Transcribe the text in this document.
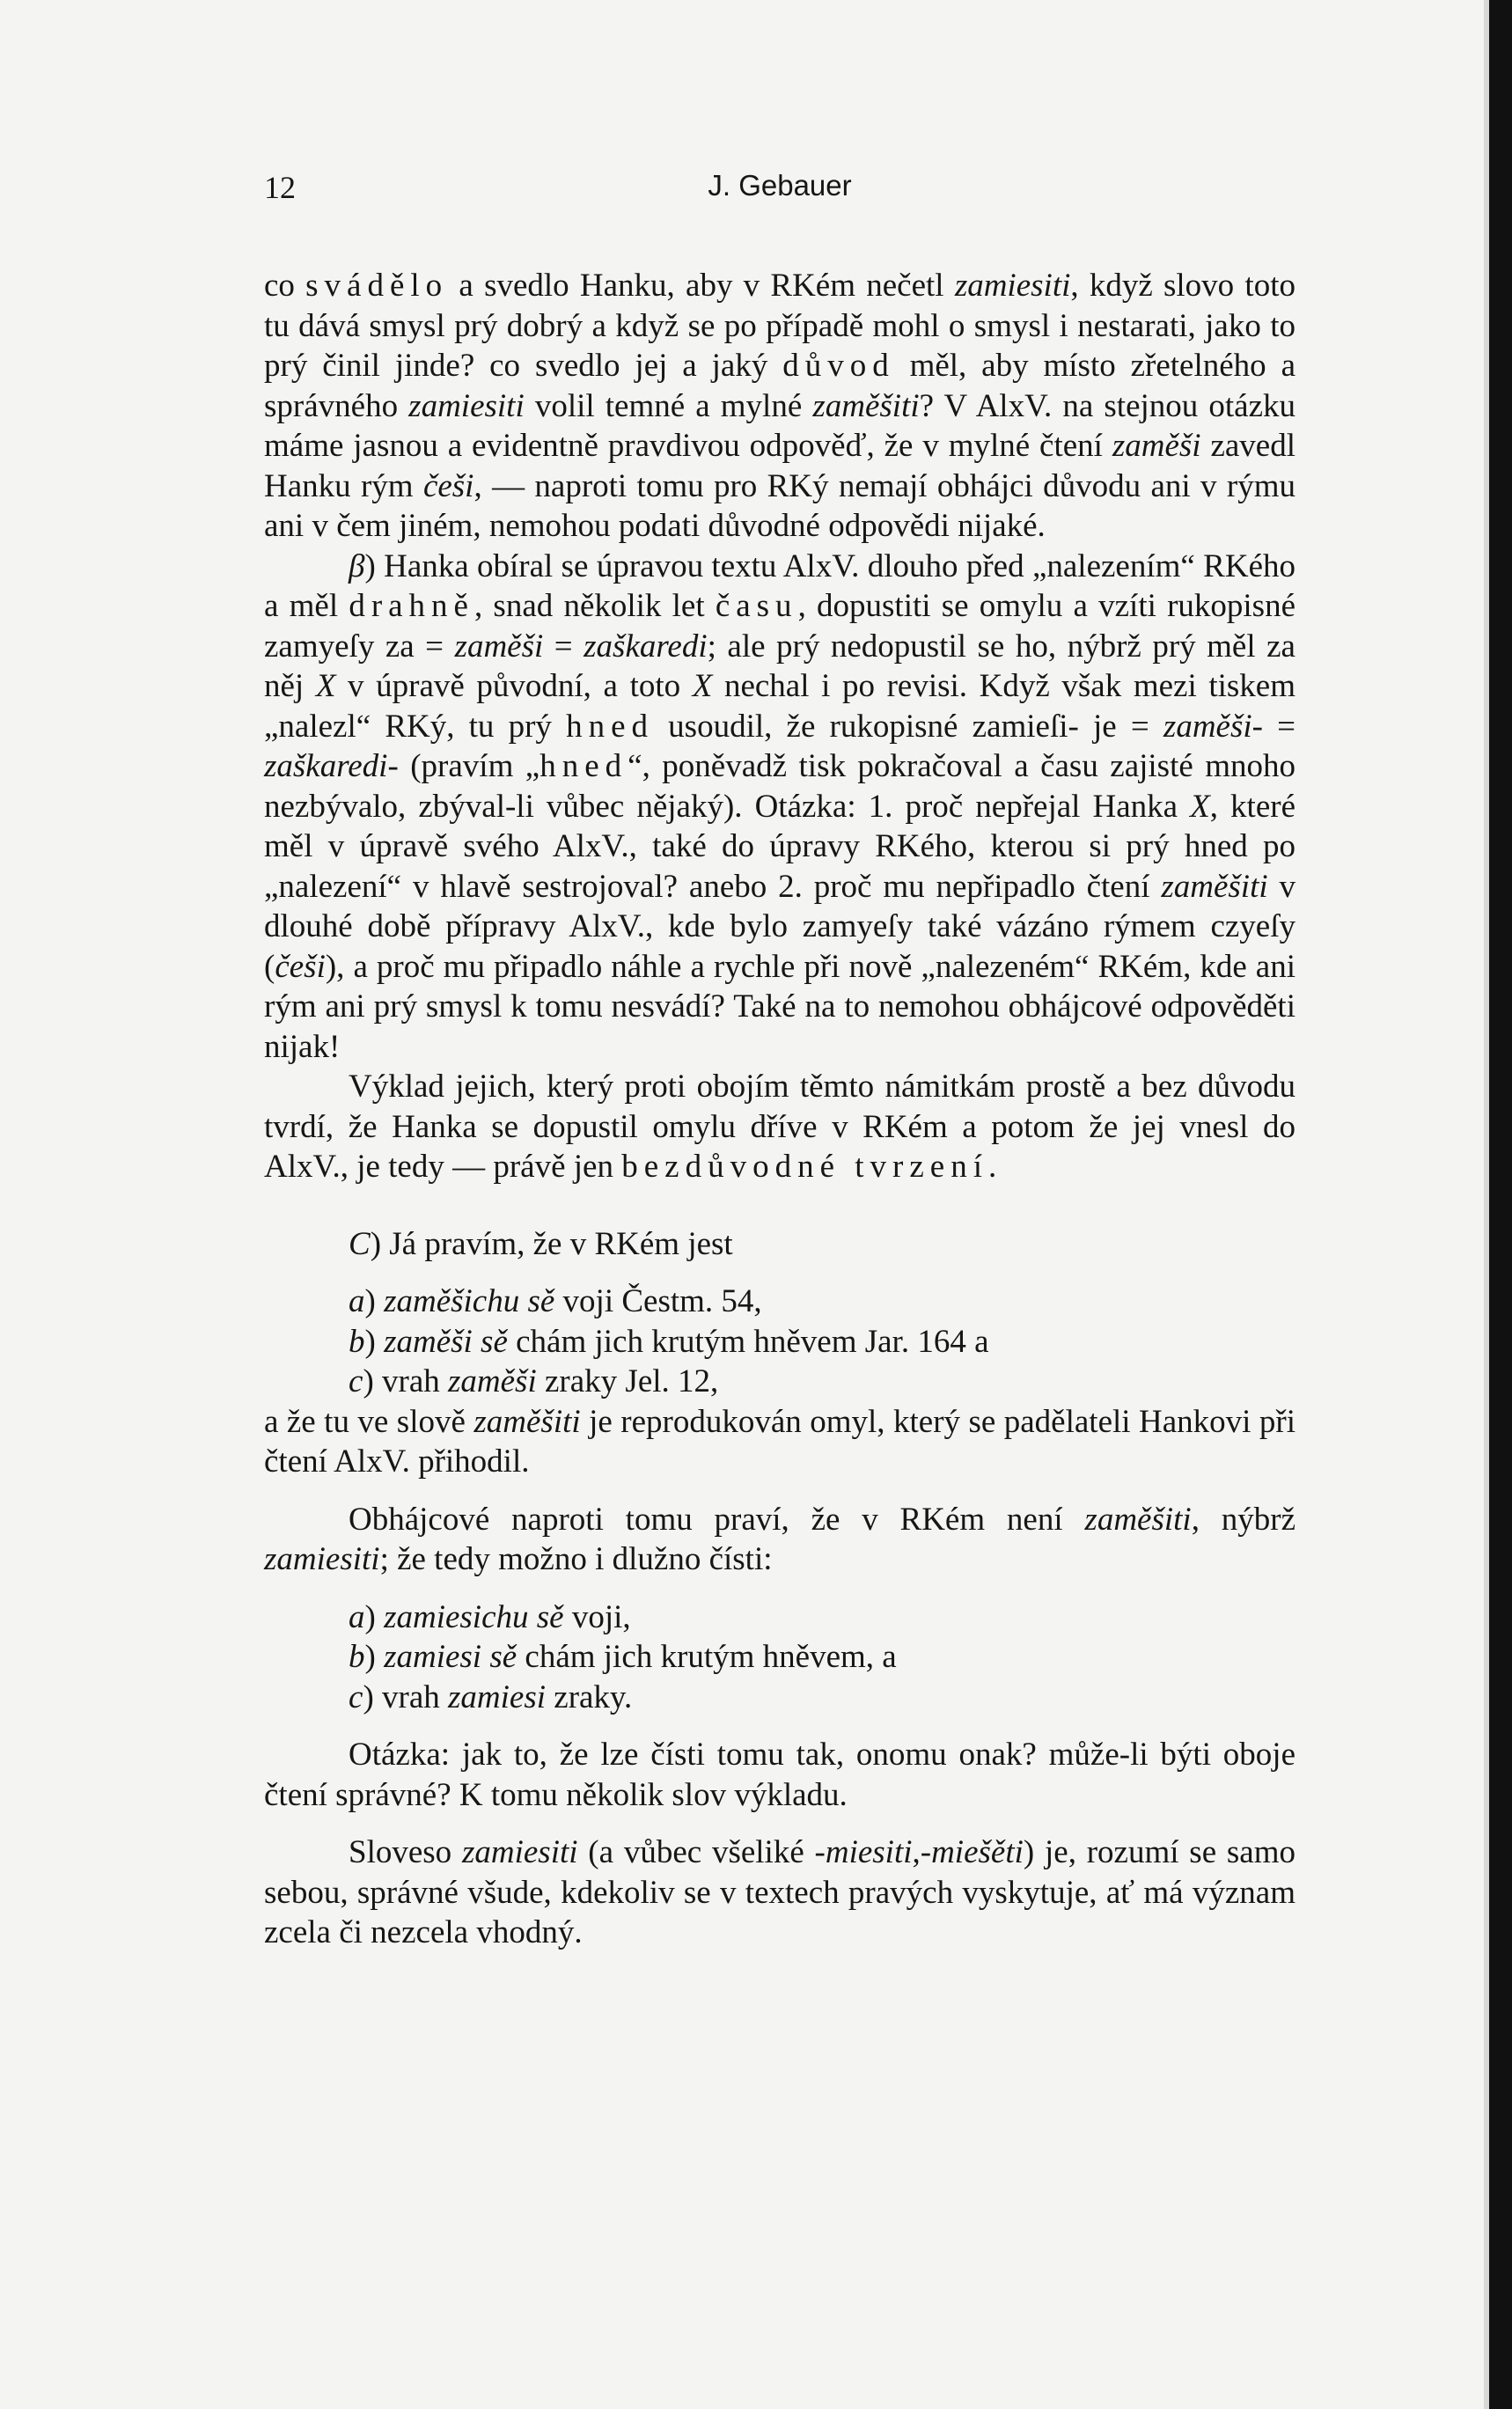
12	J. Gebauer

co svádělo a svedlo Hanku, aby v RKém nečetl zamiesiti, když slovo toto tu dává smysl prý dobrý a když se po případě mohl o smysl i nestarati, jako to prý činil jinde? co svedlo jej a jaký důvod měl, aby místo zřetelného a správného zamiesiti volil temné a mylné zaměšiti? V AlxV. na stejnou otázku máme jasnou a evidentně pravdivou odpověď, že v mylné čtení zaměši zavedl Hanku rým češi, — naproti tomu pro RKý nemají obhájci důvodu ani v rýmu ani v čem jiném, nemohou podati důvodné odpovědi nijaké.

β) Hanka obíral se úpravou textu AlxV. dlouho před „nalezením“ RKého a měl drahně, snad několik let času, dopustiti se omylu a vzíti rukopisné zamyeſy za = zaměši = zaškaredi; ale prý nedopustil se ho, nýbrž prý měl za něj X v úpravě původní, a toto X nechal i po revisi. Když však mezi tiskem „nalezl“ RKý, tu prý hned usoudil, že rukopisné zamieſi- je = zaměši- = zaškaredi- (pravím „hned“, poněvadž tisk pokračoval a času zajisté mnoho nezbývalo, zbýval-li vůbec nějaký). Otázka: 1. proč nepřejal Hanka X, které měl v úpravě svého AlxV., také do úpravy RKého, kterou si prý hned po „nalezení“ v hlavě sestrojoval? anebo 2. proč mu nepřipadlo čtení zaměšiti v dlouhé době přípravy AlxV., kde bylo zamyeſy také vázáno rýmem czyeſy (češi), a proč mu připadlo náhle a rychle při nově „nalezeném“ RKém, kde ani rým ani prý smysl k tomu nesvádí? Také na to nemohou obhájcové odpověděti nijak!

Výklad jejich, který proti obojím těmto námitkám prostě a bez důvodu tvrdí, že Hanka se dopustil omylu dříve v RKém a potom že jej vnesl do AlxV., je tedy — právě jen bezdůvodné tvrzení.

C) Já pravím, že v RKém jest

a) zaměšichu sě voji Čestm. 54,

b) zaměši sě chám jich krutým hněvem Jar. 164 a

c) vrah zaměši zraky Jel. 12,

a že tu ve slově zaměšiti je reprodukován omyl, který se padělateli Hankovi při čtení AlxV. přihodil.

Obhájcové naproti tomu praví, že v RKém není zaměšiti, nýbrž zamiesiti; že tedy možno i dlužno čísti:

a) zamiesichu sě voji,

b) zamiesi sě chám jich krutým hněvem, a

c) vrah zamiesi zraky.

Otázka: jak to, že lze čísti tomu tak, onomu onak? může-li býti oboje čtení správné? K tomu několik slov výkladu.

Sloveso zamiesiti (a vůbec všeliké -miesiti,-miešěti) je, rozumí se samo sebou, správné všude, kdekoliv se v textech pravých vyskytuje, ať má význam zcela či nezcela vhodný.
